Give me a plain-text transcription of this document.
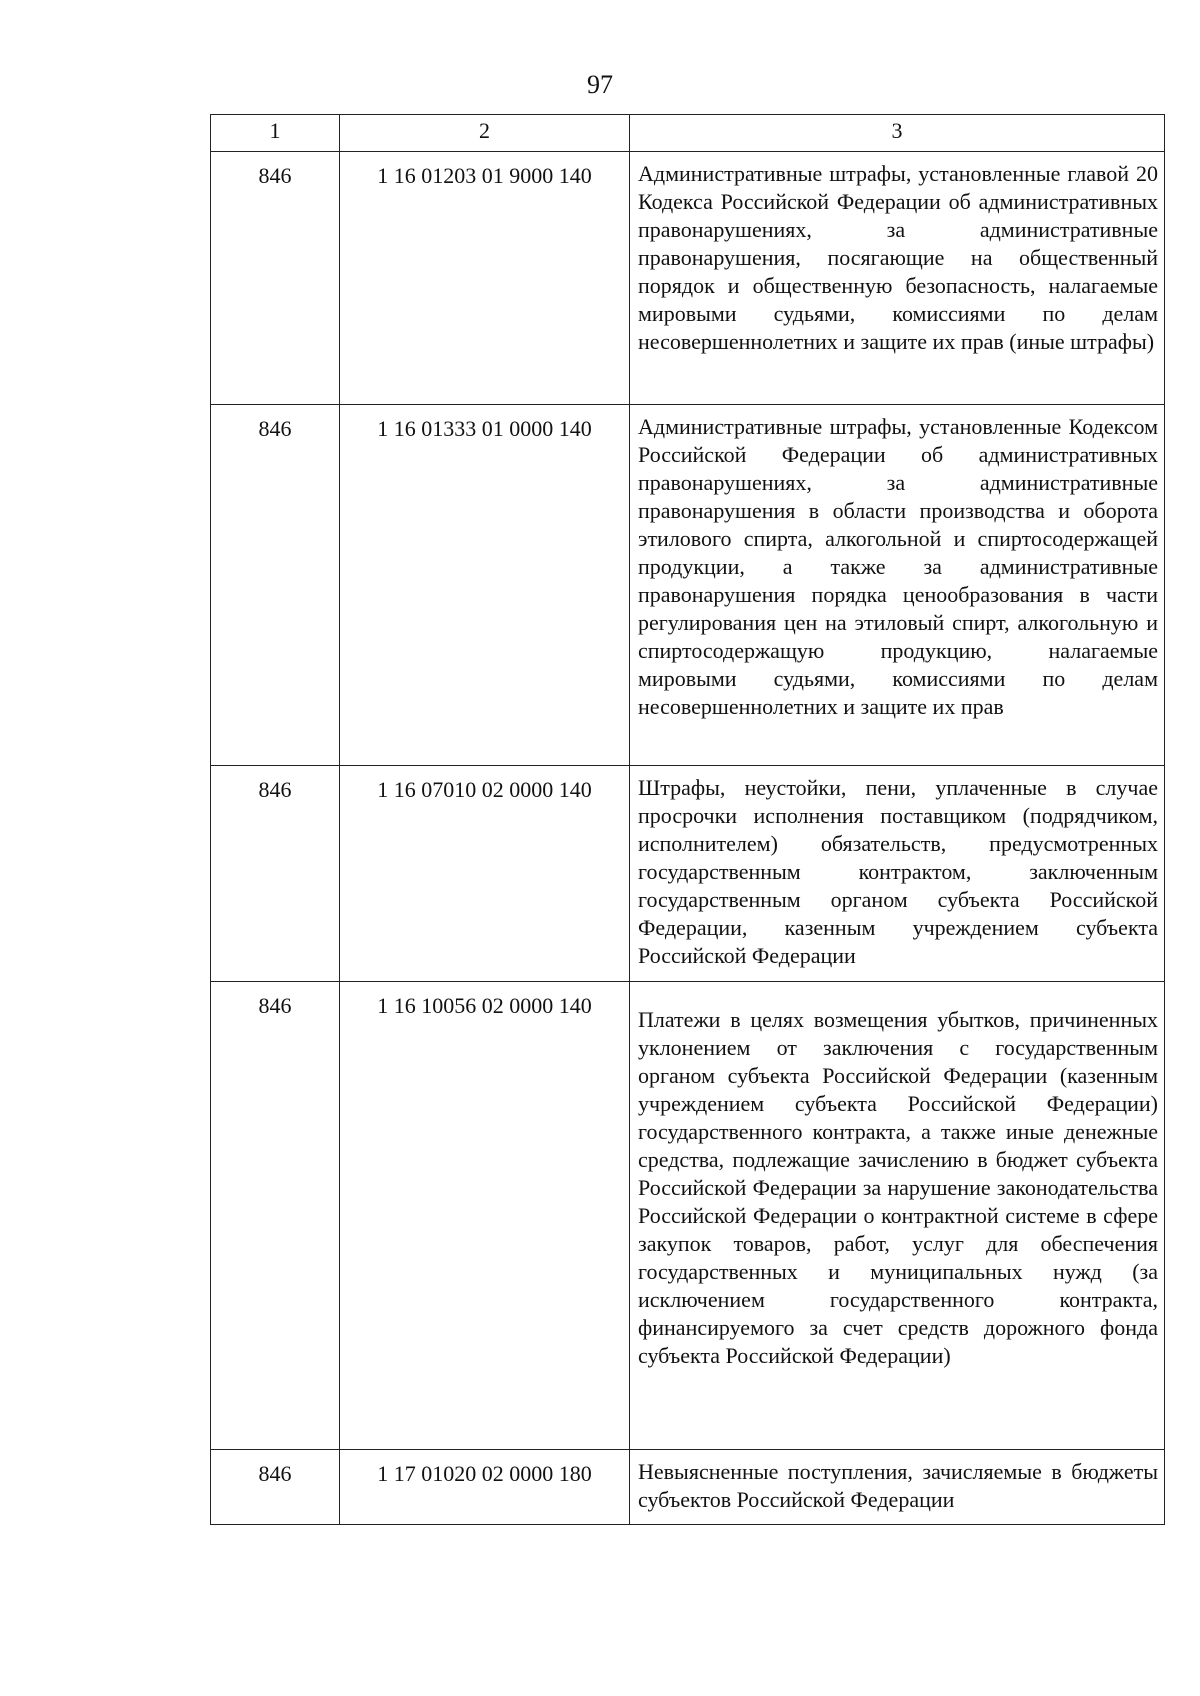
97
1	2	3
846	1 16 01203 01 9000 140	Административные штрафы, установленные главой 20 Кодекса Российской Федерации об административных правонарушениях, за административные правонарушения, посягающие на общественный порядок и общественную безопасность, налагаемые мировыми судьями, комиссиями по делам несовершеннолетних и защите их прав (иные штрафы)
846	1 16 01333 01 0000 140	Административные штрафы, установленные Кодексом Российской Федерации об административных правонарушениях, за административные правонарушения в области производства и оборота этилового спирта, алкогольной и спиртосодержащей продукции, а также за административные правонарушения порядка ценообразования в части регулирования цен на этиловый спирт, алкогольную и спиртосодержащую продукцию, налагаемые мировыми судьями, комиссиями по делам несовершеннолетних и защите их прав
846	1 16 07010 02 0000 140	Штрафы, неустойки, пени, уплаченные в случае просрочки исполнения поставщиком (подрядчиком, исполнителем) обязательств, предусмотренных государственным контрактом, заключенным государственным органом субъекта Российской Федерации, казенным учреждением субъекта Российской Федерации
846	1 16 10056 02 0000 140	Платежи в целях возмещения убытков, причиненных уклонением от заключения с государственным органом субъекта Российской Федерации (казенным учреждением субъекта Российской Федерации) государственного контракта, а также иные денежные средства, подлежащие зачислению в бюджет субъекта Российской Федерации за нарушение законодательства Российской Федерации о контрактной системе в сфере закупок товаров, работ, услуг для обеспечения государственных и муниципальных нужд (за исключением государственного контракта, финансируемого за счет средств дорожного фонда субъекта Российской Федерации)
846	1 17 01020 02 0000 180	Невыясненные поступления, зачисляемые в бюджеты субъектов Российской Федерации
